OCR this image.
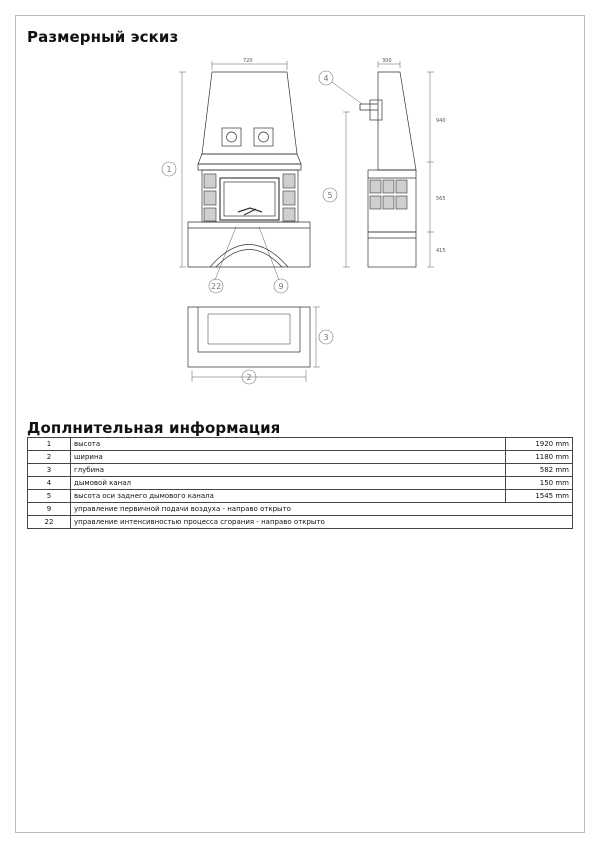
Размерный эскиз
720	300
940
565
415
1
2
3
4
5
9
22
Доплнительная информация
1	высота	1920 mm
2	ширина	1180 mm
3	глубина	582 mm
4	дымовой канал	150 mm
5	высота оси заднего дымового канала	1545 mm
9	управление первичной подачи воздуха - направо открыто	
22	управление интенсивностью процесса сгорания - направо открыто	
